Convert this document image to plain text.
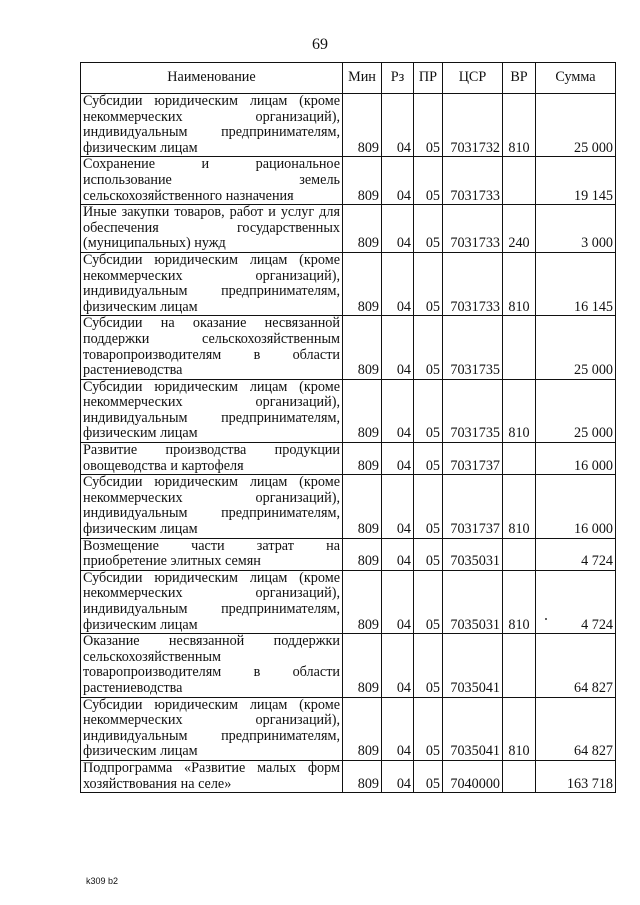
69
Наименование	Мин	Рз	ПР	ЦСР	ВР	Сумма
Субсидии юридическим лицам (кроме некоммерческих организаций), индивидуальным предпринимателям, физическим лицам	809	04	05	7031732	810	25 000
Сохранение и рациональное использование земель сельскохозяйственного назначения	809	04	05	7031733		19 145
Иные закупки товаров, работ и услуг для обеспечения государственных (муниципальных) нужд	809	04	05	7031733	240	3 000
Субсидии юридическим лицам (кроме некоммерческих организаций), индивидуальным предпринимателям, физическим лицам	809	04	05	7031733	810	16 145
Субсидии на оказание несвязанной поддержки сельскохозяйственным товаропроизводителям в области растениеводства	809	04	05	7031735		25 000
Субсидии юридическим лицам (кроме некоммерческих организаций), индивидуальным предпринимателям, физическим лицам	809	04	05	7031735	810	25 000
Развитие производства продукции овощеводства и картофеля	809	04	05	7031737		16 000
Субсидии юридическим лицам (кроме некоммерческих организаций), индивидуальным предпринимателям, физическим лицам	809	04	05	7031737	810	16 000
Возмещение части затрат на приобретение элитных семян	809	04	05	7035031		4 724
Субсидии юридическим лицам (кроме некоммерческих организаций), индивидуальным предпринимателям, физическим лицам	809	04	05	7035031	810	4 724
Оказание несвязанной поддержки сельскохозяйственным товаропроизводителям в области растениеводства	809	04	05	7035041		64 827
Субсидии юридическим лицам (кроме некоммерческих организаций), индивидуальным предпринимателям, физическим лицам	809	04	05	7035041	810	64 827
Подпрограмма «Развитие малых форм хозяйствования на селе»	809	04	05	7040000		163 718
k309 b2
